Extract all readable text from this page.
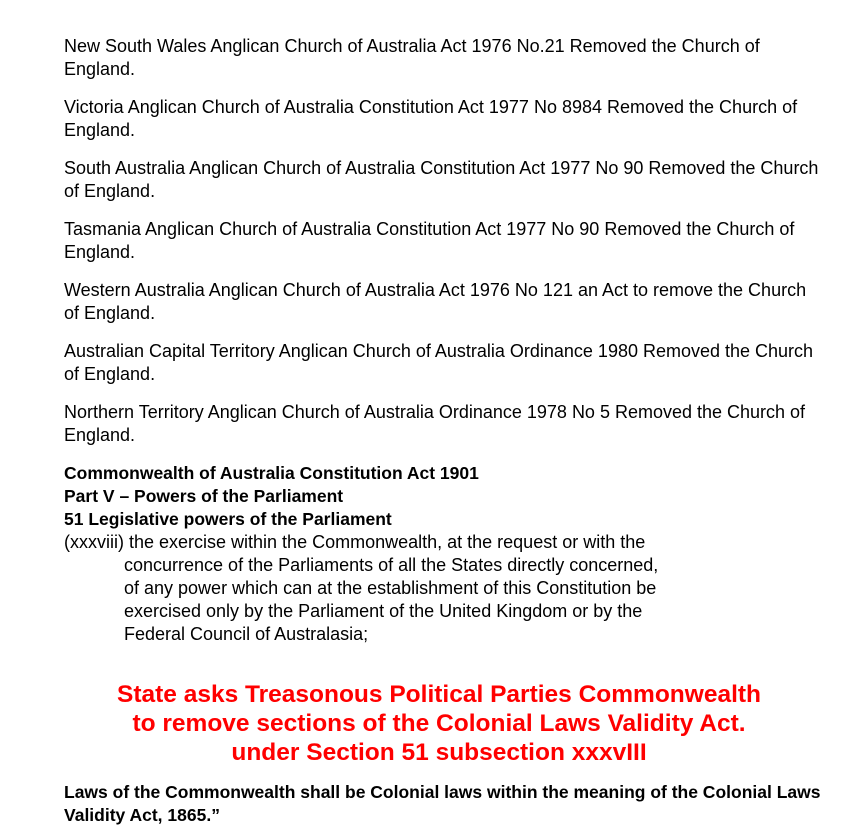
New South Wales Anglican Church of Australia Act 1976 No.21 Removed the Church of England.

Victoria Anglican Church of Australia Constitution Act 1977 No 8984 Removed the Church of England.

South Australia Anglican Church of Australia Constitution Act 1977 No 90 Removed the Church of England.

Tasmania Anglican Church of Australia Constitution Act 1977 No 90 Removed the Church of England.

Western Australia Anglican Church of Australia Act 1976 No 121 an Act to remove the Church of England.

Australian Capital Territory Anglican Church of Australia Ordinance 1980 Removed the Church of England.

Northern Territory Anglican Church of Australia Ordinance 1978 No 5 Removed the Church of England.

Commonwealth of Australia Constitution Act 1901
Part V – Powers of the Parliament
51 Legislative powers of the Parliament
(xxxviii) the exercise within the Commonwealth, at the request or with the
concurrence of the Parliaments of all the States directly concerned,
of any power which can at the establishment of this Constitution be
exercised only by the Parliament of the United Kingdom or by the
Federal Council of Australasia;
State asks Treasonous Political Parties Commonwealth
to remove sections of the Colonial Laws Validity Act.
under Section 51 subsection xxxvIII
Laws of the Commonwealth shall be Colonial laws within the meaning of the Colonial Laws Validity Act, 1865.”
